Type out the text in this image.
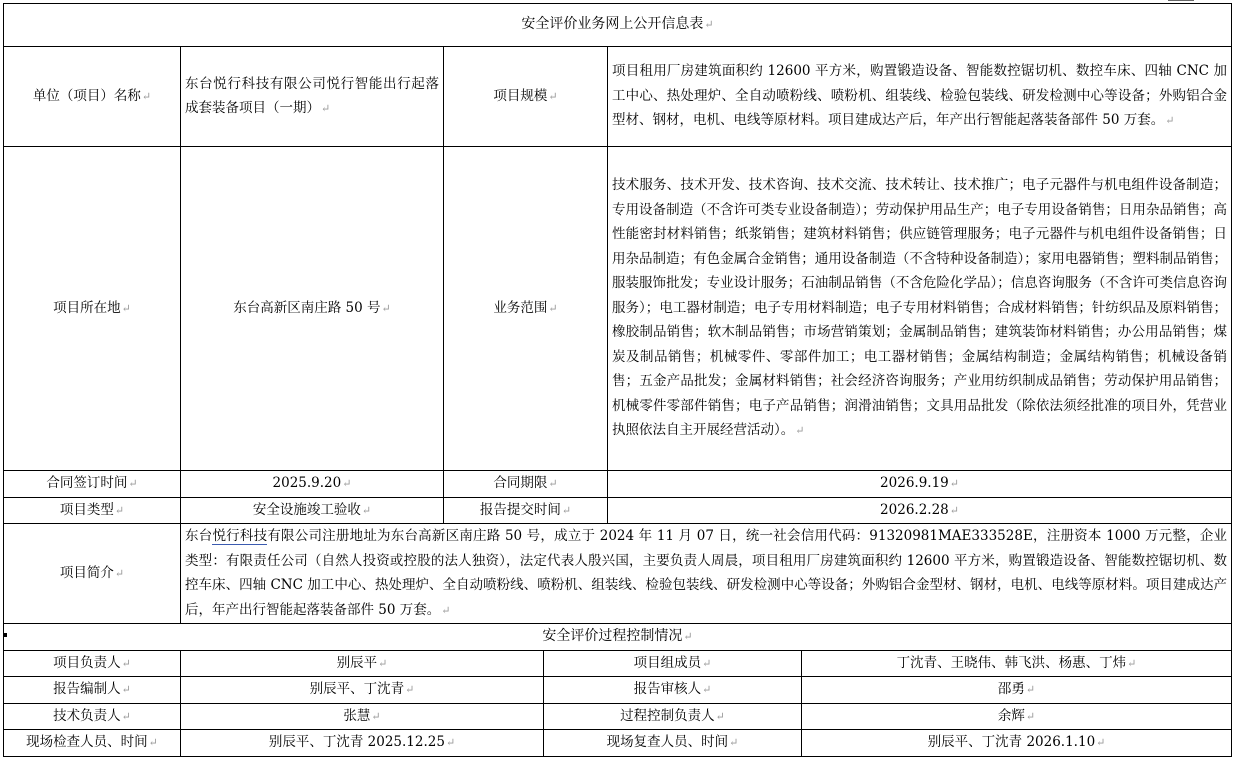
安全评价业务网上公开信息表 ↵
单位（项目）名称 ↵	东台悦行科技有限公司悦行智能出行起落成套装备项目（一期） ↵	项目规模 ↵	项目租用厂房建筑面积约 12600 平方米，购置锻造设备、智能数控锯切机、数控车床、四轴 CNC 加工中心、热处理炉、全自动喷粉线、喷粉机、组装线、检验包装线、研发检测中心等设备；外购铝合金型材、钢材，电机、电线等原材料。项目建成达产后，年产出行智能起落装备部件 50 万套。 ↵
项目所在地 ↵	东台高新区南庄路 50 号 ↵	业务范围 ↵	技术服务、技术开发、技术咨询、技术交流、技术转让、技术推广；电子元器件与机电组件设备制造；专用设备制造（不含许可类专业设备制造）；劳动保护用品生产；电子专用设备销售；日用杂品销售；高性能密封材料销售；纸浆销售；建筑材料销售；供应链管理服务；电子元器件与机电组件设备销售；日用杂品制造；有色金属合金销售；通用设备制造（不含特种设备制造）；家用电器销售；塑料制品销售；服装服饰批发；专业设计服务；石油制品销售（不含危险化学品）；信息咨询服务（不含许可类信息咨询服务）；电工器材制造；电子专用材料制造；电子专用材料销售；合成材料销售；针纺织品及原料销售；橡胶制品销售；软木制品销售；市场营销策划；金属制品销售；建筑装饰材料销售；办公用品销售；煤炭及制品销售；机械零件、零部件加工；电工器材销售；金属结构制造；金属结构销售；机械设备销售；五金产品批发；金属材料销售；社会经济咨询服务；产业用纺织制成品销售；劳动保护用品销售；机械零件零部件销售；电子产品销售；润滑油销售；文具用品批发（除依法须经批准的项目外，凭营业执照依法自主开展经营活动）。 ↵
合同签订时间 ↵	2025.9.20 ↵	合同期限 ↵	2026.9.19 ↵
项目类型 ↵	安全设施竣工验收 ↵	报告提交时间 ↵	2026.2.28 ↵
项目简介 ↵	东台悦行科技有限公司注册地址为东台高新区南庄路 50 号，成立于 2024 年 11 月 07 日，统一社会信用代码：91320981MAE333528E，注册资本 1000 万元整，企业类型：有限责任公司（自然人投资或控股的法人独资），法定代表人殷兴国，主要负责人周晨，项目租用厂房建筑面积约 12600 平方米，购置锻造设备、智能数控锯切机、数控车床、四轴 CNC 加工中心、热处理炉、全自动喷粉线、喷粉机、组装线、检验包装线、研发检测中心等设备；外购铝合金型材、钢材，电机、电线等原材料。项目建成达产后，年产出行智能起落装备部件 50 万套。 ↵
安全评价过程控制情况 ↵
项目负责人 ↵	别辰平 ↵	项目组成员 ↵	丁沈青、王晓伟、韩飞洪、杨惠、丁炜 ↵
报告编制人 ↵	别辰平、丁沈青 ↵	报告审核人 ↵	邵勇 ↵
技术负责人 ↵	张慧 ↵	过程控制负责人 ↵	余辉 ↵
现场检查人员、时间 ↵	别辰平、丁沈青 2025.12.25 ↵	现场复查人员、时间 ↵	别辰平、丁沈青 2026.1.10 ↵
